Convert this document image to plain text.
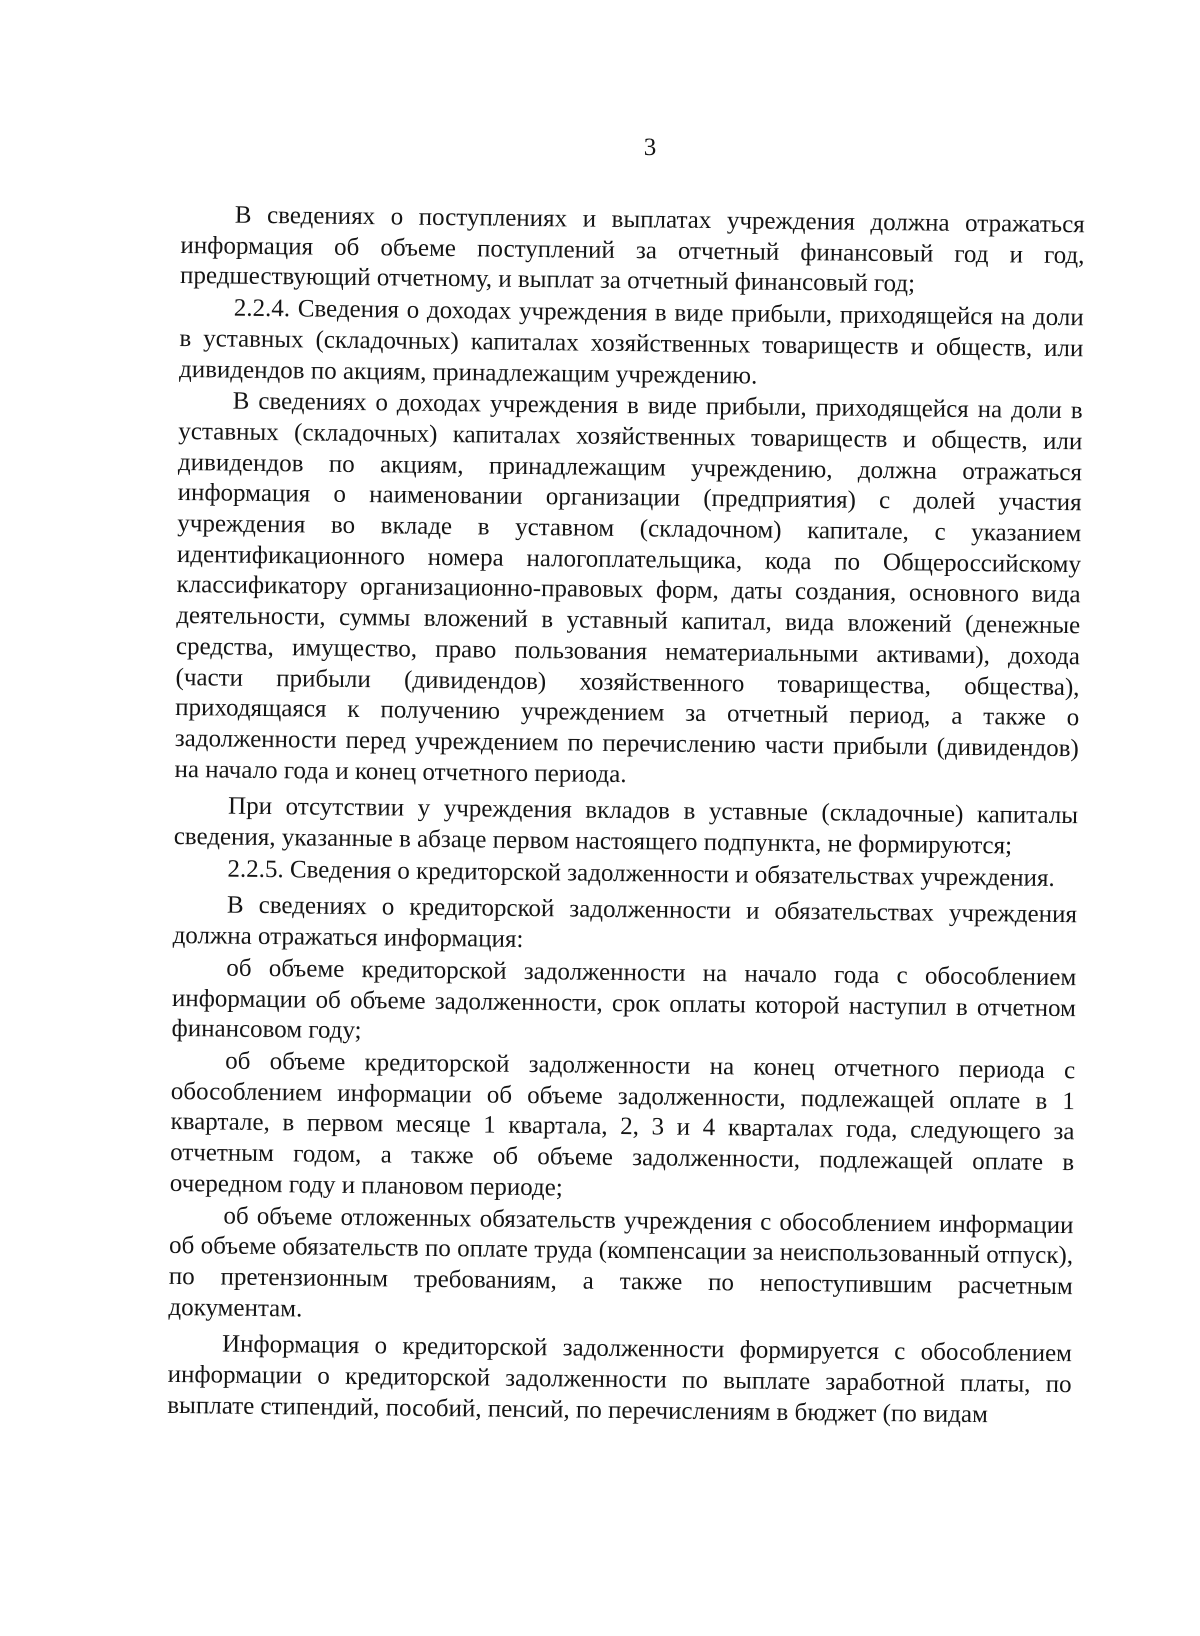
3

В сведениях о поступлениях и выплатах учреждения должна отражаться информация об объеме поступлений за отчетный финансовый год и год, предшествующий отчетному, и выплат за отчетный финансовый год;

2.2.4. Сведения о доходах учреждения в виде прибыли, приходящейся на доли в уставных (складочных) капиталах хозяйственных товариществ и обществ, или дивидендов по акциям, принадлежащим учреждению.

В сведениях о доходах учреждения в виде прибыли, приходящейся на доли в уставных (складочных) капиталах хозяйственных товариществ и обществ, или дивидендов по акциям, принадлежащим учреждению, должна отражаться информация о наименовании организации (предприятия) с долей участия учреждения во вкладе в уставном (складочном) капитале, с указанием идентификационного номера налогоплательщика, кода по Общероссийскому классификатору организационно-правовых форм, даты создания, основного вида деятельности, суммы вложений в уставный капитал, вида вложений (денежные средства, имущество, право пользования нематериальными активами), дохода (части прибыли (дивидендов) хозяйственного товарищества, общества), приходящаяся к получению учреждением за отчетный период, а также о задолженности перед учреждением по перечислению части прибыли (дивидендов) на начало года и конец отчетного периода.

При отсутствии у учреждения вкладов в уставные (складочные) капиталы сведения, указанные в абзаце первом настоящего подпункта, не формируются;

2.2.5. Сведения о кредиторской задолженности и обязательствах учреждения.

В сведениях о кредиторской задолженности и обязательствах учреждения должна отражаться информация:

об объеме кредиторской задолженности на начало года с обособлением информации об объеме задолженности, срок оплаты которой наступил в отчетном финансовом году;

об объеме кредиторской задолженности на конец отчетного периода с обособлением информации об объеме задолженности, подлежащей оплате в 1 квартале, в первом месяце 1 квартала, 2, 3 и 4 кварталах года, следующего за отчетным годом, а также об объеме задолженности, подлежащей оплате в очередном году и плановом периоде;

об объеме отложенных обязательств учреждения с обособлением информации об объеме обязательств по оплате труда (компенсации за неиспользованный отпуск), по претензионным требованиям, а также по непоступившим расчетным документам.

Информация о кредиторской задолженности формируется с обособлением информации о кредиторской задолженности по выплате заработной платы, по выплате стипендий, пособий, пенсий, по перечислениям в бюджет (по видам
